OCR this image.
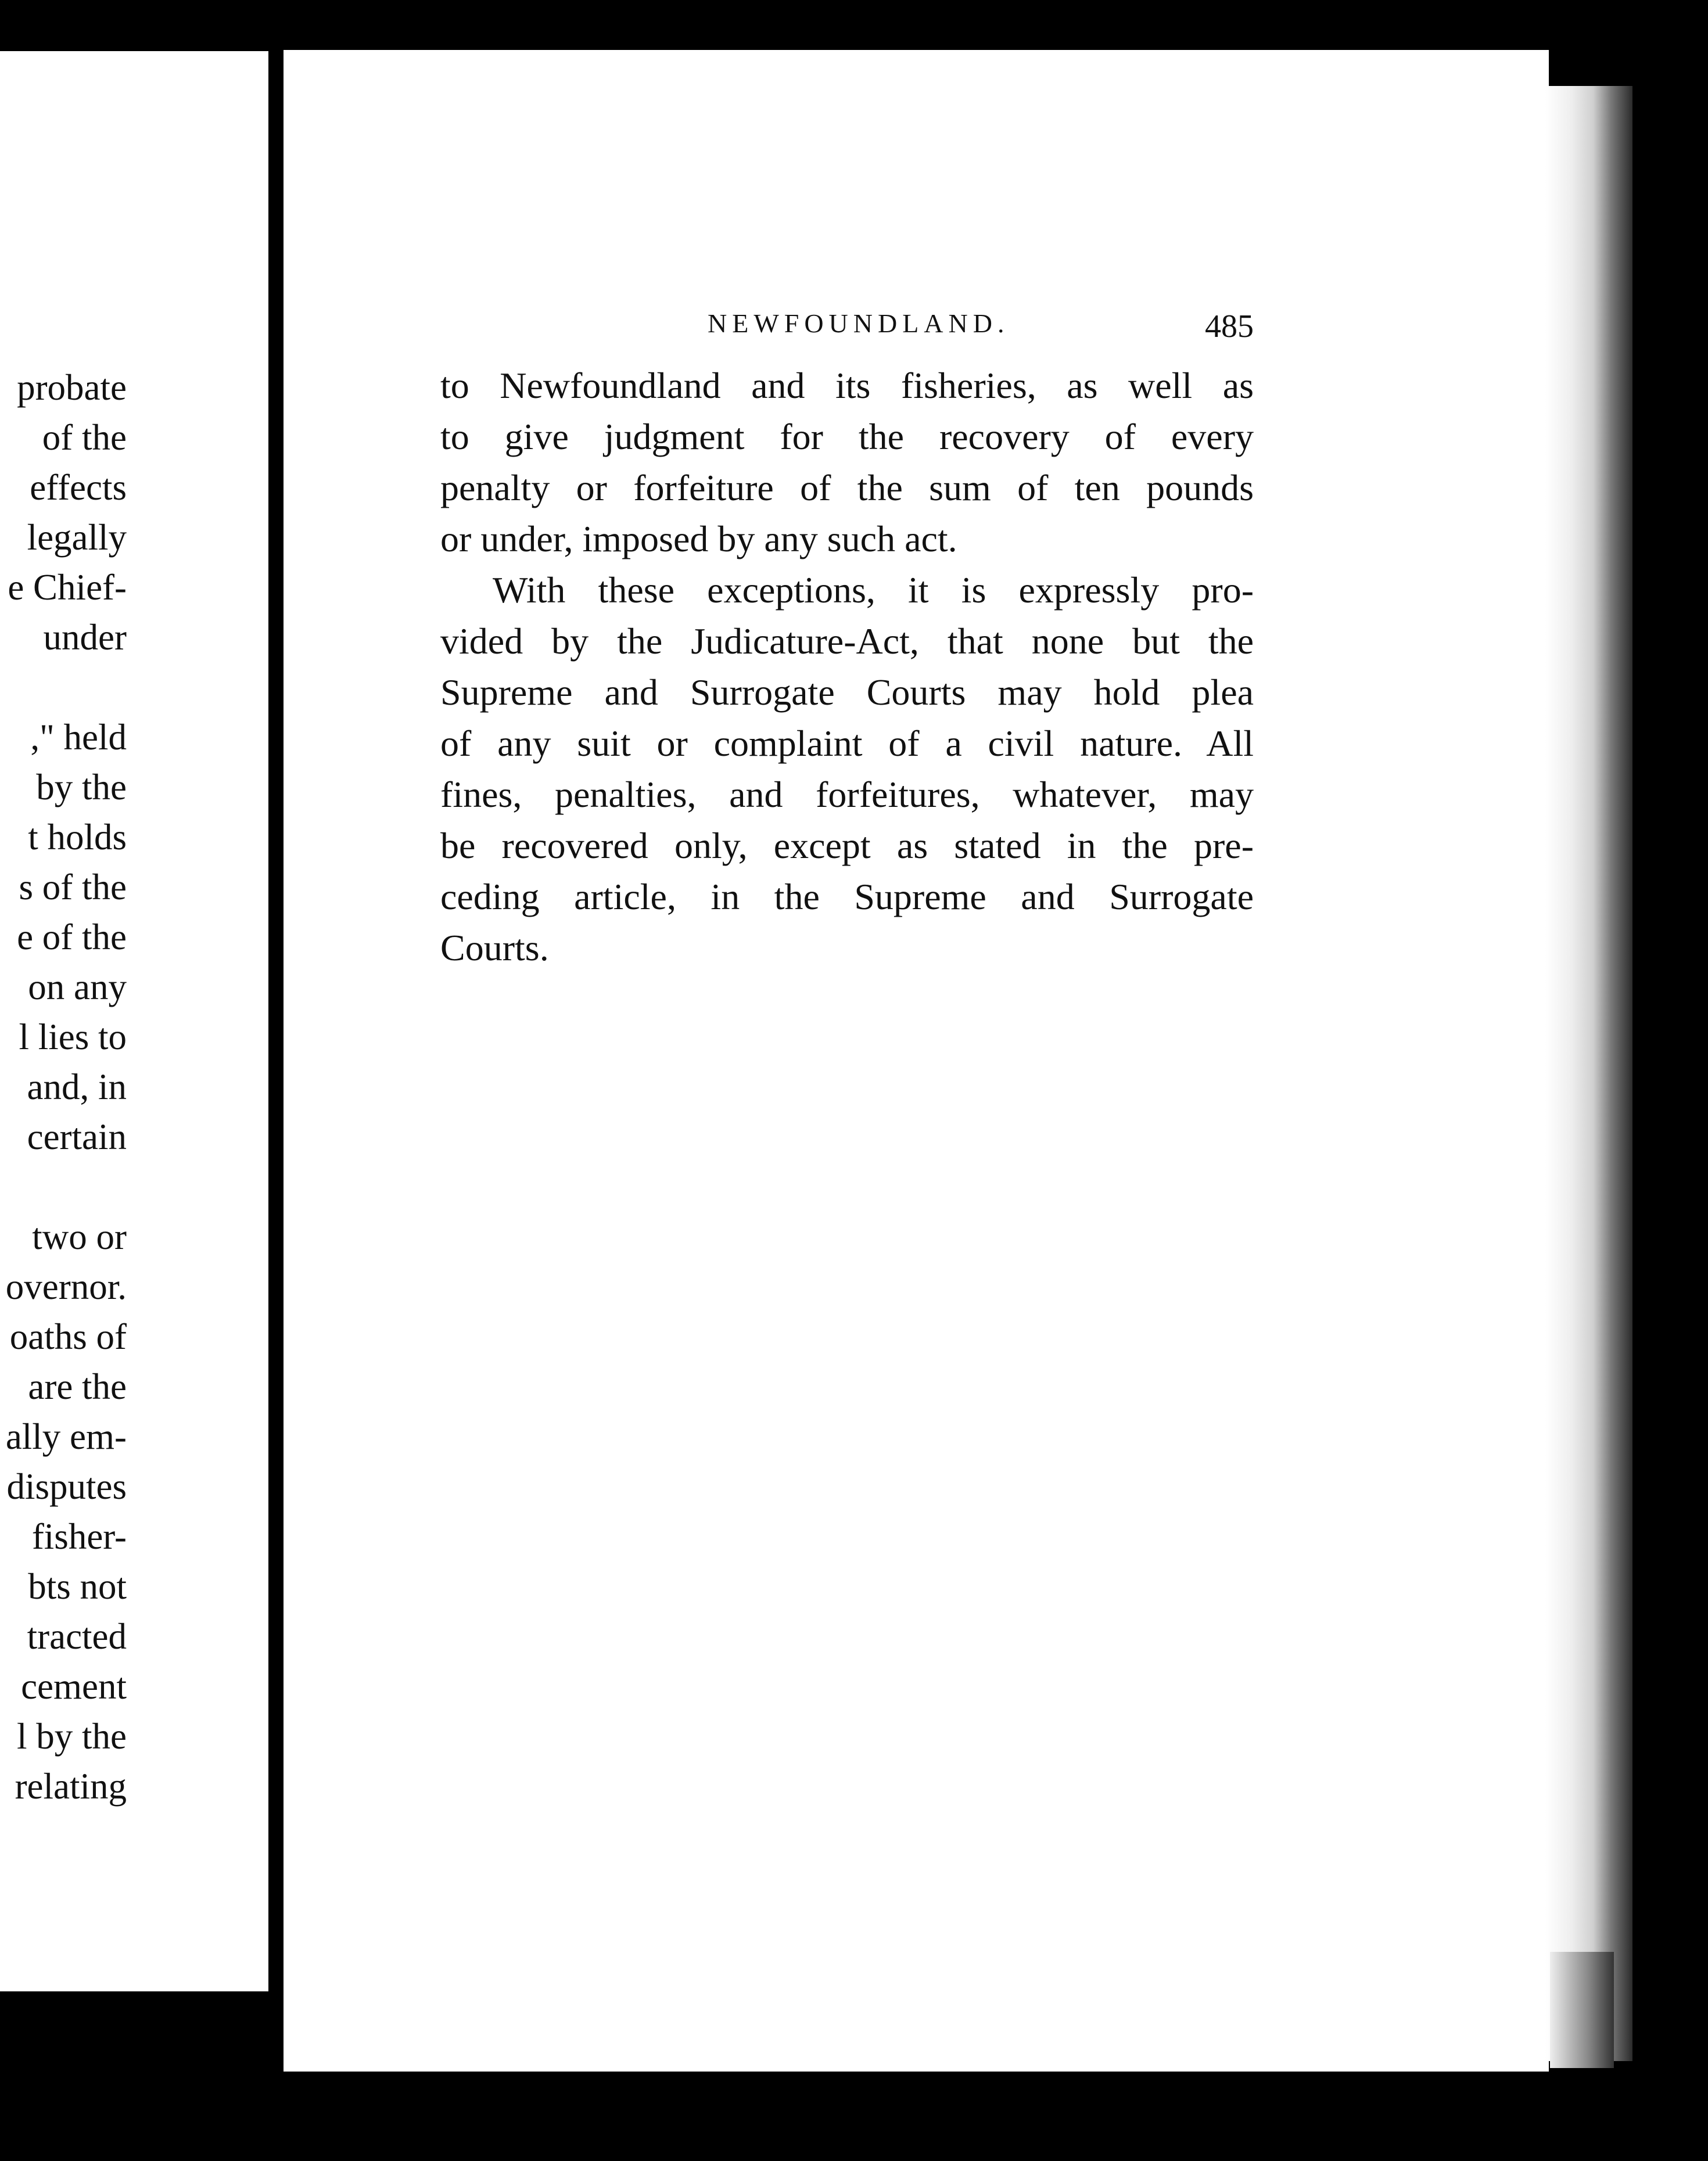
probate
of the
effects
legally
e Chief-
under
," held
by the
t holds
s of the
e of the
on any
l lies to
and, in
certain
two or
overnor.
oaths of
are the
ally em-
disputes
fisher-
bts not
tracted
cement
l by the
relating
NEWFOUNDLAND.	485
to Newfoundland and its fisheries, as well as
to give judgment for the recovery of every
penalty or forfeiture of the sum of ten pounds
or under, imposed by any such act.
With these exceptions, it is expressly pro-
vided by the Judicature-Act, that none but the
Supreme and Surrogate Courts may hold plea
of any suit or complaint of a civil nature. All
fines, penalties, and forfeitures, whatever, may
be recovered only, except as stated in the pre-
ceding article, in the Supreme and Surrogate
Courts.
